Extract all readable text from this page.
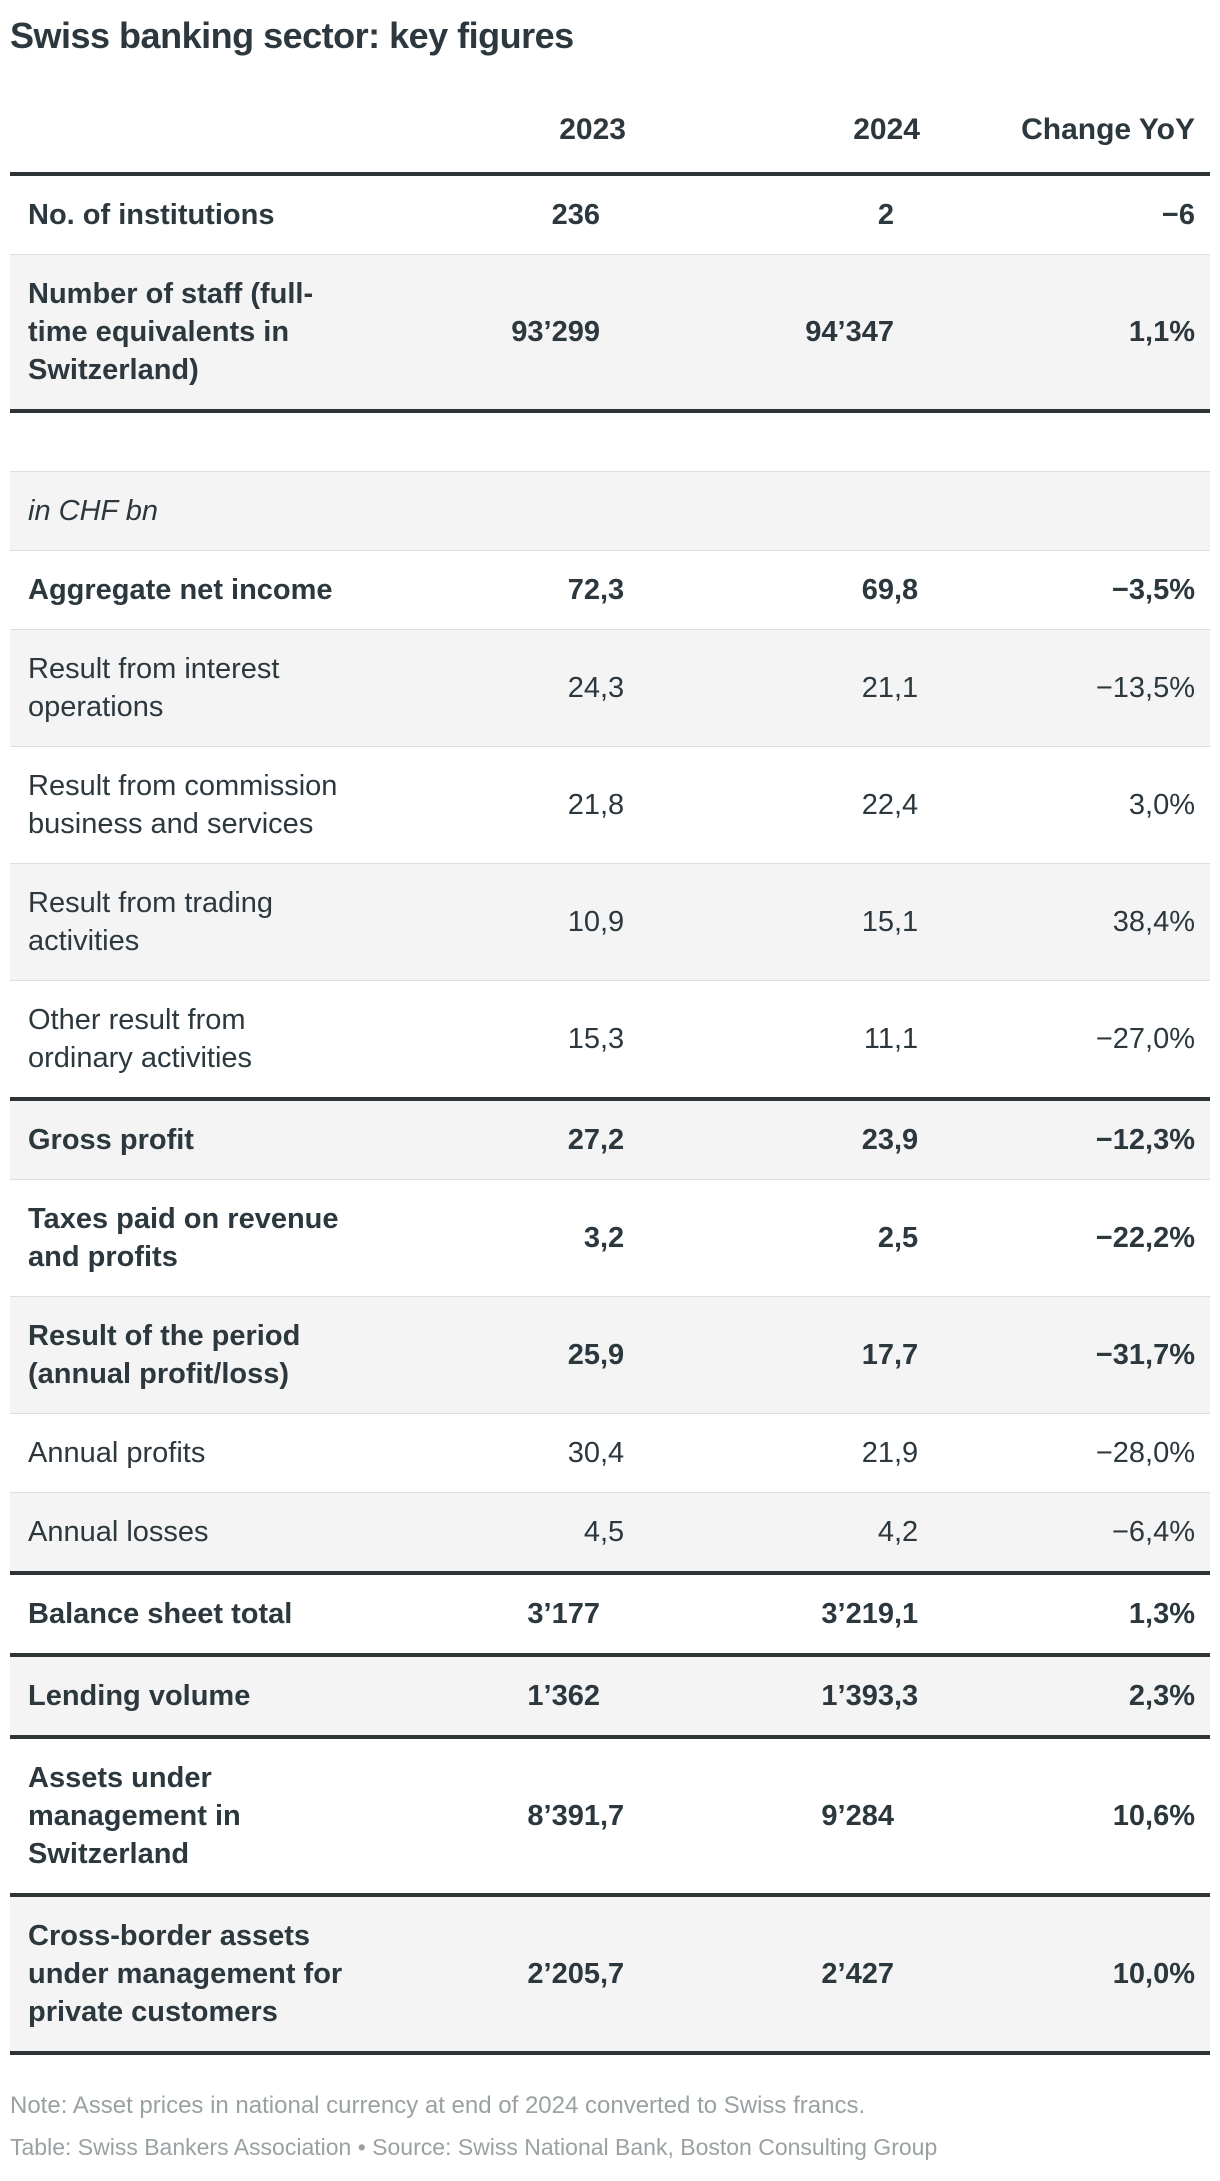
Swiss banking sector: key figures
	2023	2024	Change YoY
No. of institutions	236	2	−6
Number of staff (full-
time equivalents in
Switzerland)	93’299	94’347	1,1%

in CHF bn			
Aggregate net income	72,3	69,8	−3,5%
Result from interest
operations	24,3	21,1	−13,5%
Result from commission
business and services	21,8	22,4	3,0%
Result from trading
activities	10,9	15,1	38,4%
Other result from
ordinary activities	15,3	11,1	−27,0%
Gross profit	27,2	23,9	−12,3%
Taxes paid on revenue
and profits	3,2	2,5	−22,2%
Result of the period
(annual profit/loss)	25,9	17,7	−31,7%
Annual profits	30,4	21,9	−28,0%
Annual losses	4,5	4,2	−6,4%
Balance sheet total	3’177	3’219,1	1,3%
Lending volume	1’362	1’393,3	2,3%
Assets under
management in
Switzerland	8’391,7	9’284	10,6%
Cross-border assets
under management for
private customers	2’205,7	2’427	10,0%
Note: Asset prices in national currency at end of 2024 converted to Swiss francs.
Table: Swiss Bankers Association • Source: Swiss National Bank, Boston Consulting Group
